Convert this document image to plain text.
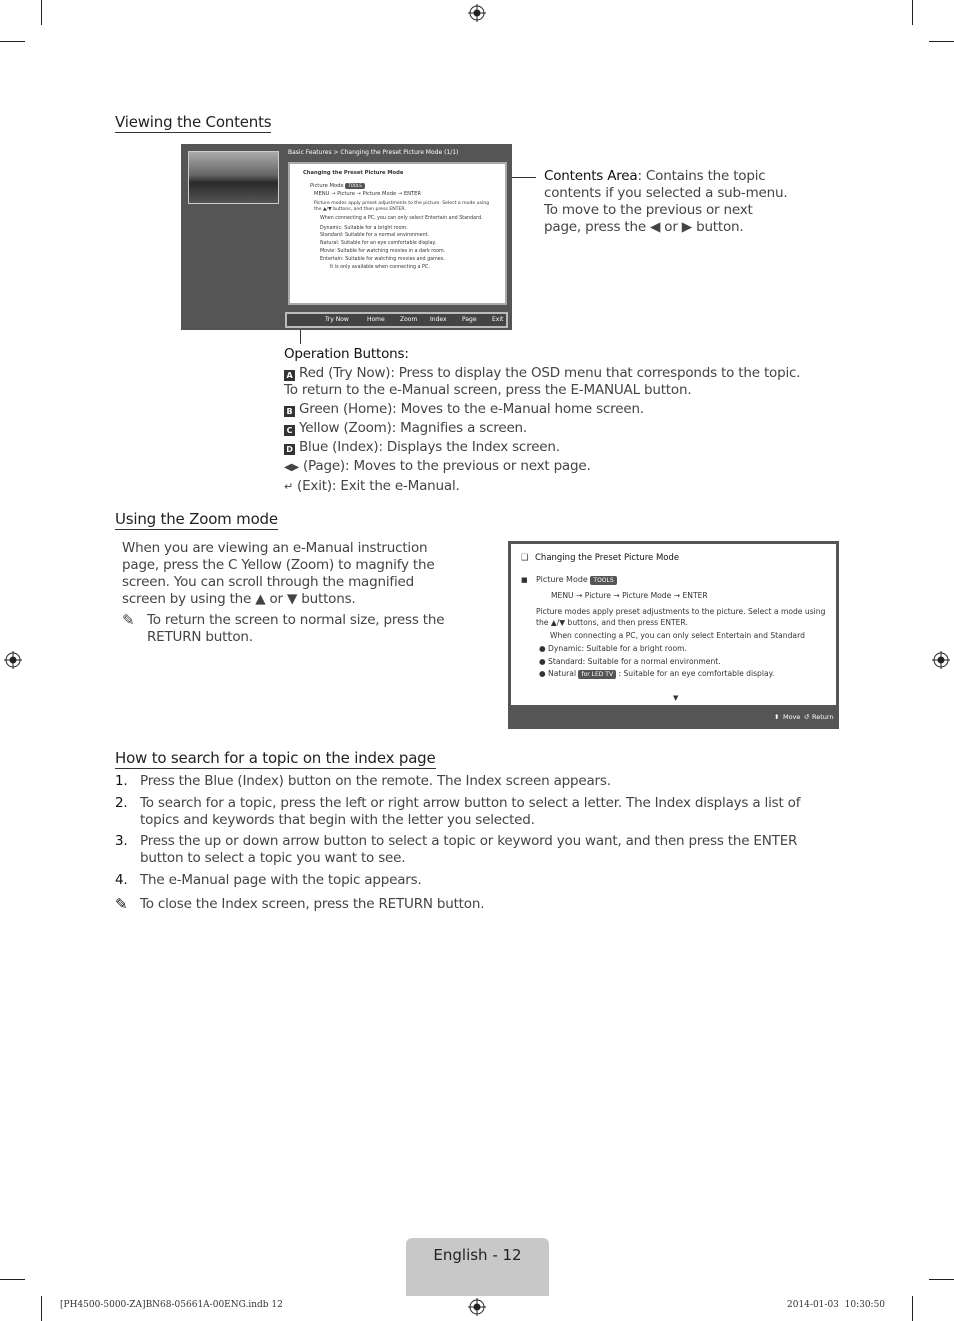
Viewing the Contents
Basic Features > Changing the Preset Picture Mode (1/1)

Changing the Preset Picture Mode

Picture Mode TOOLS

MENU → Picture → Picture Mode → ENTER

Picture modes apply preset adjustments to the picture. Select a mode using the ▲/▼ buttons, and then press ENTER.

When connecting a PC, you can only select Entertain and Standard.

Dynamic: Suitable for a bright room.

Standard: Suitable for a normal environment.

Natural: Suitable for an eye comfortable display.

Movie: Suitable for watching movies in a dark room.

Entertain: Suitable for watching movies and games.

It is only available when connecting a PC.

◀	▶
Try Now	Home	Zoom Index	Page	Exit
Contents Area: Contains the topic contents if you selected a sub-menu. To move to the previous or next page, press the ◀ or ▶ button.
Operation Buttons:
A Red (Try Now): Press to display the OSD menu that corresponds to the topic.
To return to the e-Manual screen, press the E-MANUAL button.
B Green (Home): Moves to the e-Manual home screen.
C Yellow (Zoom): Magnifies a screen.
D Blue (Index): Displays the Index screen.
◀▶ (Page): Moves to the previous or next page.
↵ (Exit): Exit the e-Manual.
Using the Zoom mode
When you are viewing an e-Manual instruction page, press the C Yellow (Zoom) to magnify the screen. You can scroll through the magnified screen by using the ▲ or ▼ buttons.
✎ To return the screen to normal size, press the RETURN button.

❑ Changing the Preset Picture Mode

■ Picture Mode TOOLS

MENU → Picture → Picture Mode → ENTER

Picture modes apply preset adjustments to the picture. Select a mode using the ▲/▼ buttons, and then press ENTER.

When connecting a PC, you can only select Entertain and Standard

● Dynamic: Suitable for a bright room.

● Standard: Suitable for a normal environment.

● Natural for LED TV : Suitable for an eye comfortable display.

▼

⬍ Move ↺ Return
How to search for a topic on the index page
1. Press the Blue (Index) button on the remote. The Index screen appears.
2. To search for a topic, press the left or right arrow button to select a letter. The Index displays a list of topics and keywords that begin with the letter you selected.
3. Press the up or down arrow button to select a topic or keyword you want, and then press the ENTER button to select a topic you want to see.
4. The e-Manual page with the topic appears.
✎ To close the Index screen, press the RETURN button.
English - 12
[PH4500-5000-ZA]BN68-05661A-00ENG.indb 12	2014-01-03 ￼ 10:30:50
